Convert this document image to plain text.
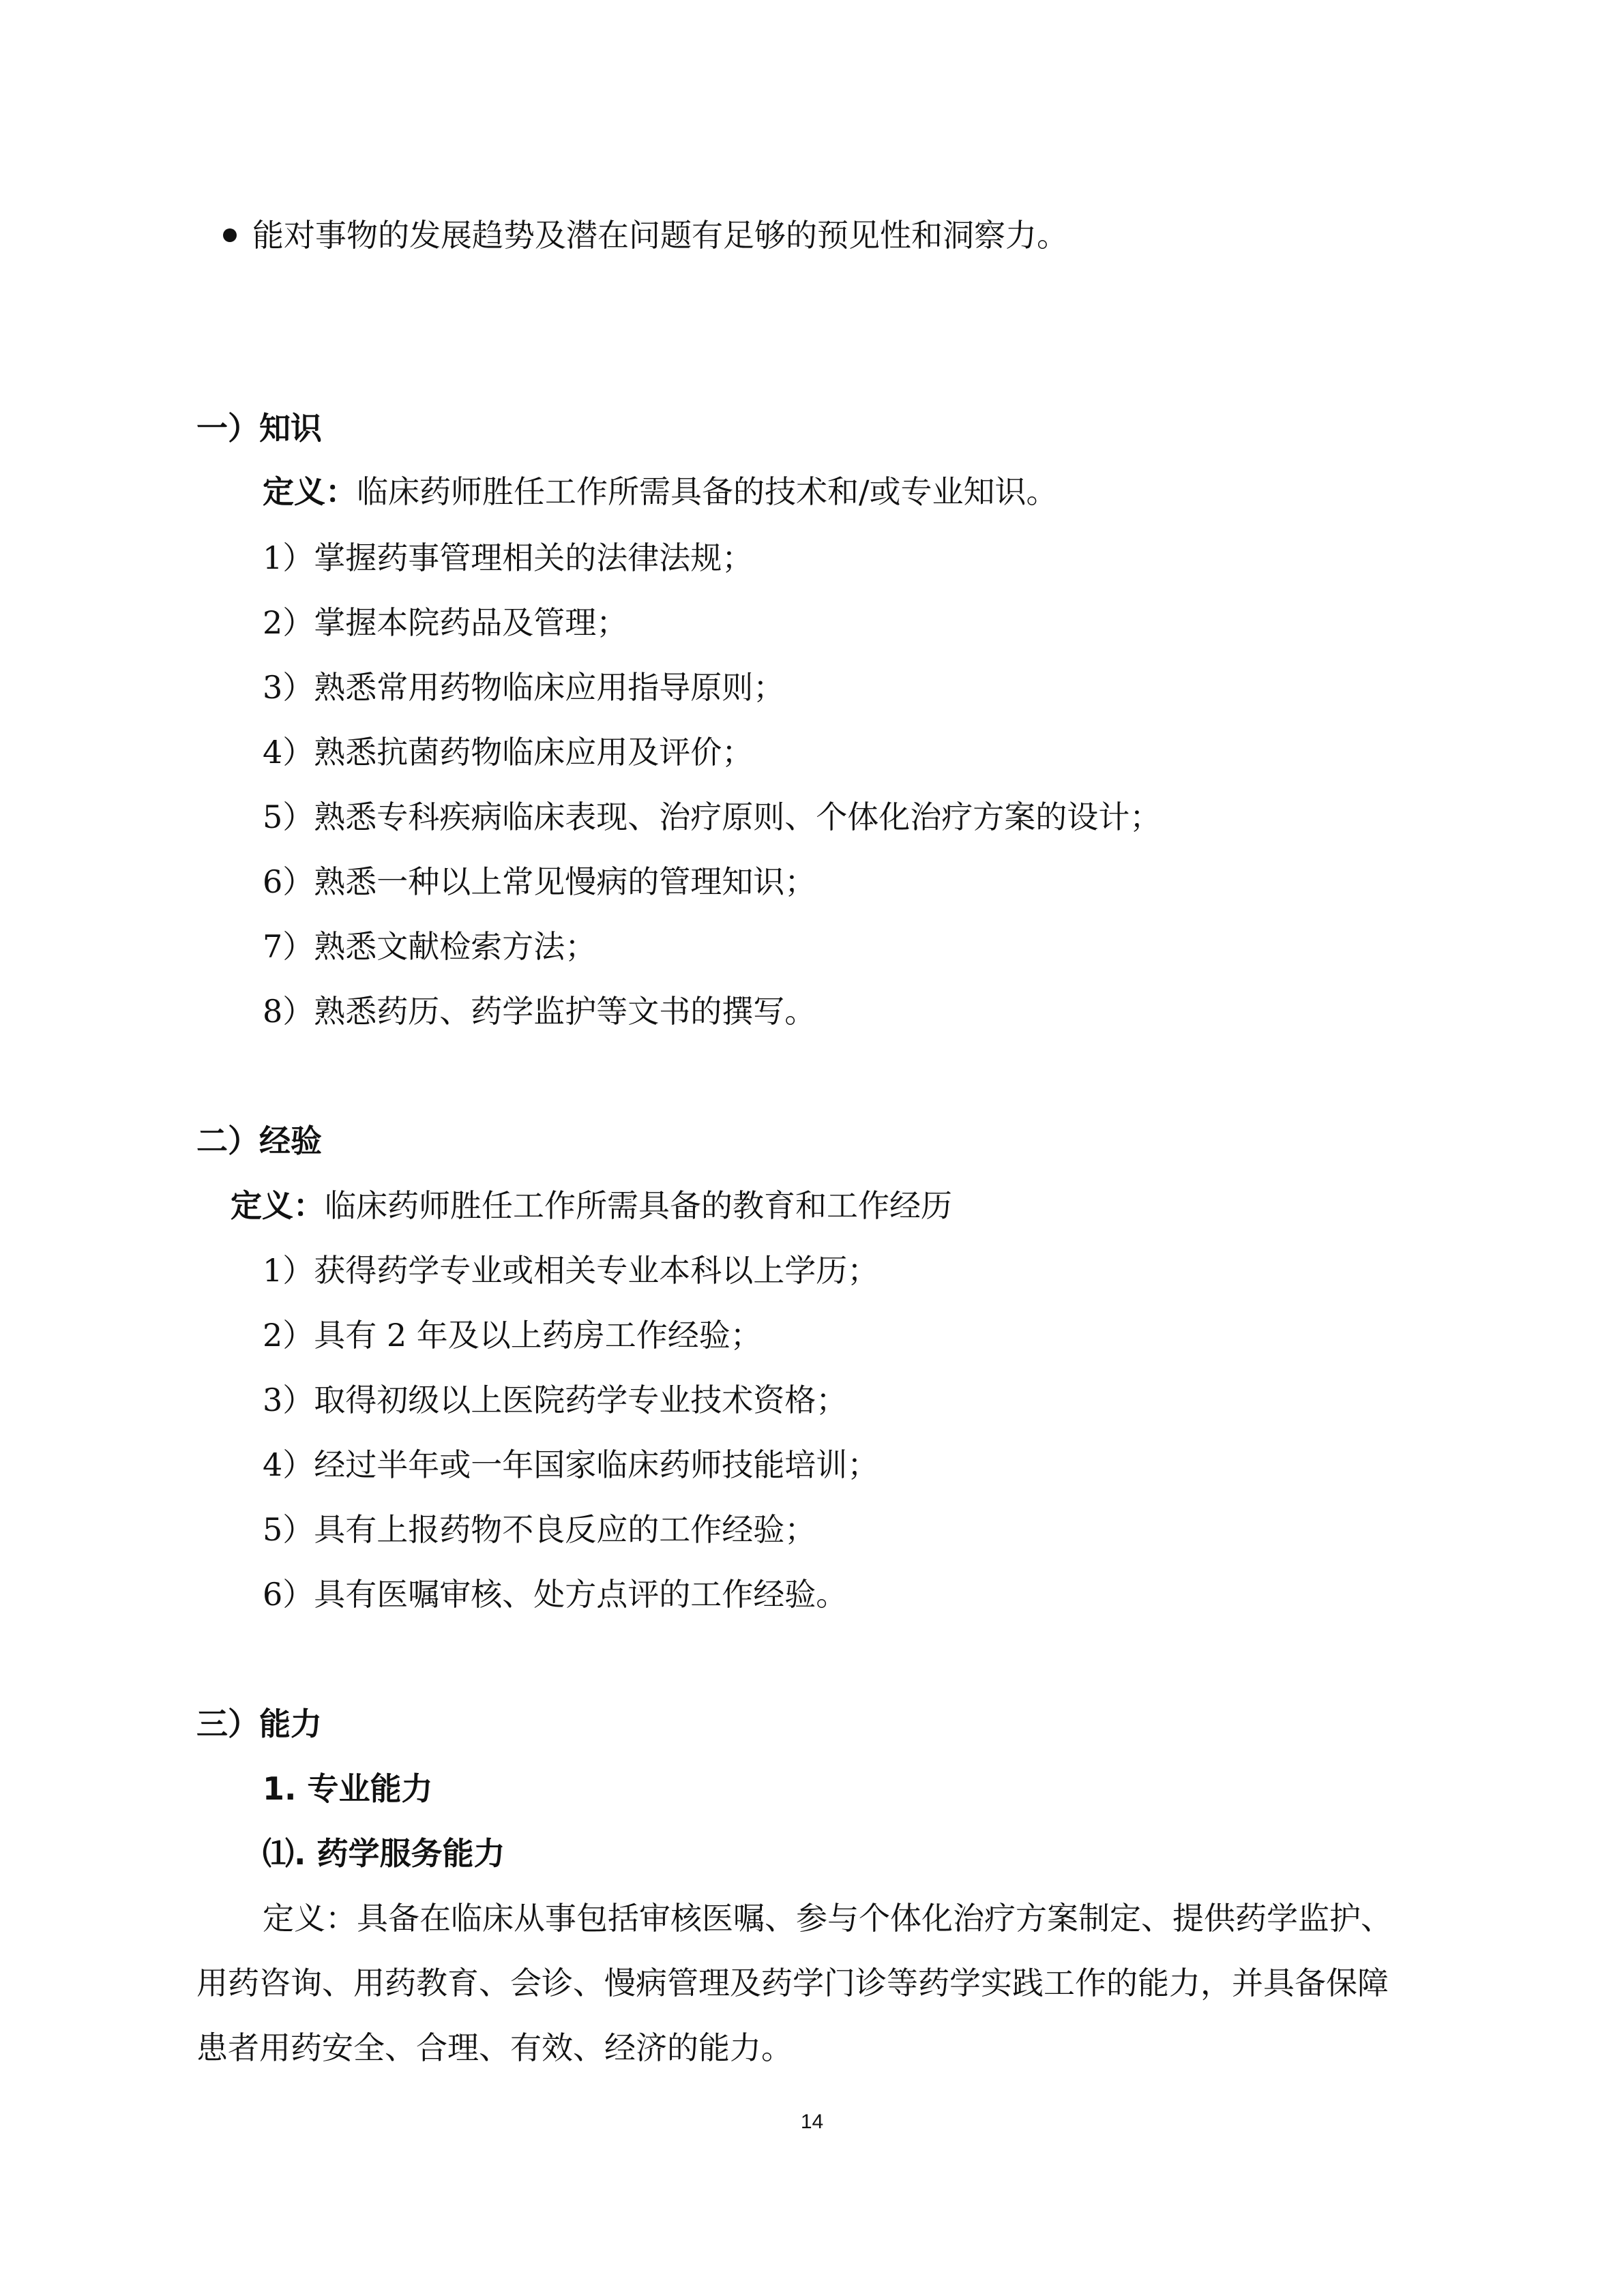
能对事物的发展趋势及潜在问题有足够的预见性和洞察力。
一）知识
定义：临床药师胜任工作所需具备的技术和/或专业知识。
1）掌握药事管理相关的法律法规；
2）掌握本院药品及管理；
3）熟悉常用药物临床应用指导原则；
4）熟悉抗菌药物临床应用及评价；
5）熟悉专科疾病临床表现、治疗原则、个体化治疗方案的设计；
6）熟悉一种以上常见慢病的管理知识；
7）熟悉文献检索方法；
8）熟悉药历、药学监护等文书的撰写。
二）经验
定义：临床药师胜任工作所需具备的教育和工作经历
1）获得药学专业或相关专业本科以上学历；
2）具有 2 年及以上药房工作经验；
3）取得初级以上医院药学专业技术资格；
4）经过半年或一年国家临床药师技能培训；
5）具有上报药物不良反应的工作经验；
6）具有医嘱审核、处方点评的工作经验。
三）能力
1. 专业能力
⑴. 药学服务能力
定义：具备在临床从事包括审核医嘱、参与个体化治疗方案制定、提供药学监护、
用药咨询、用药教育、会诊、慢病管理及药学门诊等药学实践工作的能力，并具备保障
患者用药安全、合理、有效、经济的能力。
14
